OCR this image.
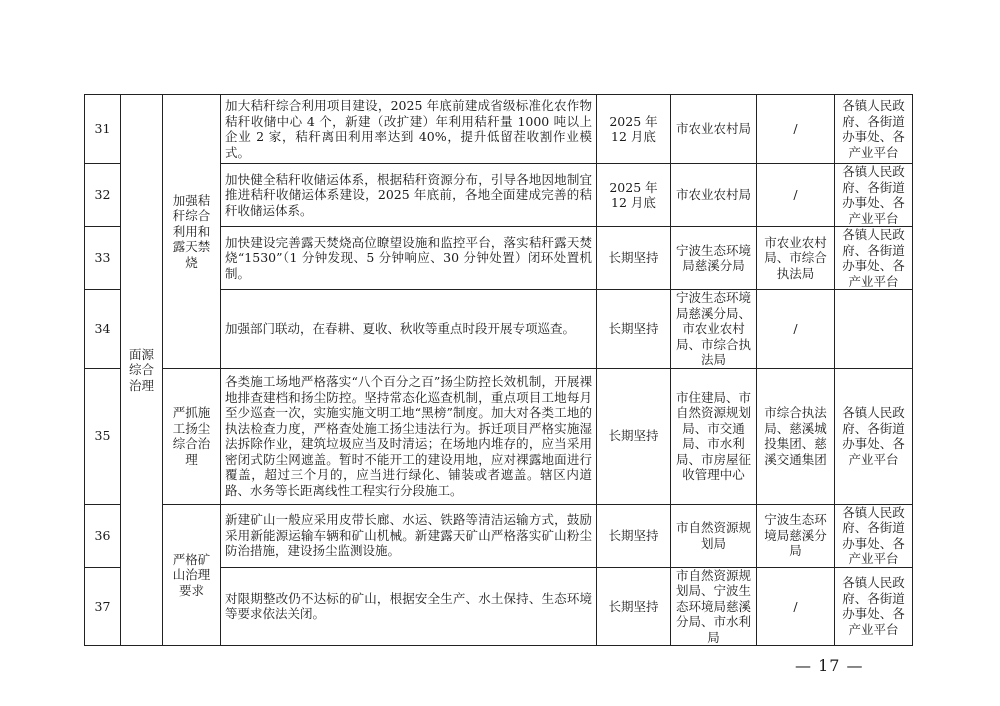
31	面源综合治理	加强秸秆综合利用和露天禁烧	加大秸秆综合利用项目建设，2025 年底前建成省级标准化农作物秸秆收储中心 4 个，新建（改扩建）年利用秸秆量 1000 吨以上企业 2 家，秸秆离田利用率达到 40%，提升低留茬收割作业模式。	2025 年 12 月底	市农业农村局	/	各镇人民政府、各街道办事处、各产业平台
32			加快健全秸秆收储运体系，根据秸秆资源分布，引导各地因地制宜推进秸秆收储运体系建设，2025 年底前，各地全面建成完善的秸秆收储运体系。	2025 年 12 月底	市农业农村局	/	各镇人民政府、各街道办事处、各产业平台
33			加快建设完善露天焚烧高位瞭望设施和监控平台，落实秸秆露天焚烧“1530”（1 分钟发现、5 分钟响应、30 分钟处置）闭环处置机制。	长期坚持	宁波生态环境局慈溪分局	市农业农村局、市综合执法局	各镇人民政府、各街道办事处、各产业平台
34			加强部门联动，在春耕、夏收、秋收等重点时段开展专项巡查。	长期坚持	宁波生态环境局慈溪分局、市农业农村局、市综合执法局	/	
35		严抓施工扬尘综合治理	各类施工场地严格落实“八个百分之百”扬尘防控长效机制，开展裸地排查建档和扬尘防控。坚持常态化巡查机制，重点项目工地每月至少巡查一次，实施实施文明工地“黑榜”制度。加大对各类工地的执法检查力度，严格查处施工扬尘违法行为。拆迁项目严格实施湿法拆除作业，建筑垃圾应当及时清运；在场地内堆存的，应当采用密闭式防尘网遮盖。暂时不能开工的建设用地，应对裸露地面进行覆盖，超过三个月的，应当进行绿化、铺装或者遮盖。辖区内道路、水务等长距离线性工程实行分段施工。	长期坚持	市住建局、市自然资源规划局、市交通局、市水利局、市房屋征收管理中心	市综合执法局、慈溪城投集团、慈溪交通集团	各镇人民政府、各街道办事处、各产业平台
36		严格矿山治理要求	新建矿山一般应采用皮带长廊、水运、铁路等清洁运输方式，鼓励采用新能源运输车辆和矿山机械。新建露天矿山严格落实矿山粉尘防治措施，建设扬尘监测设施。	长期坚持	市自然资源规划局	宁波生态环境局慈溪分局	各镇人民政府、各街道办事处、各产业平台
37			对限期整改仍不达标的矿山，根据安全生产、水土保持、生态环境等要求依法关闭。	长期坚持	市自然资源规划局、宁波生态环境局慈溪分局、市水利局	/	各镇人民政府、各街道办事处、各产业平台
— 17 —
